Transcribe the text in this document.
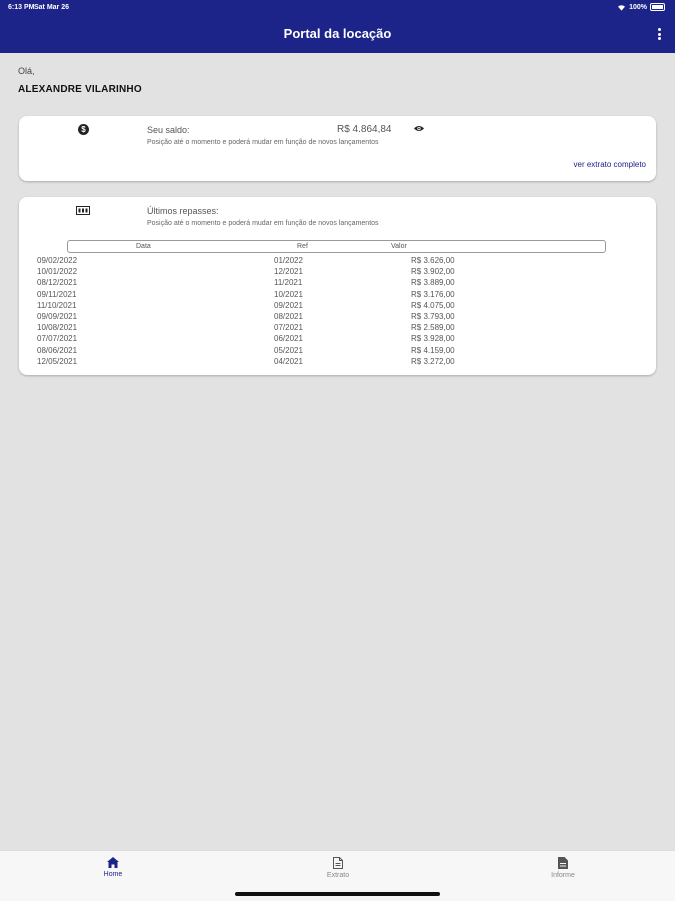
6:13 PM Sat Mar 26	100%
Portal da locação
Olá,
ALEXANDRE VILARINHO
$	Seu saldo:	R$ 4.864,84
Posição até o momento e poderá mudar em função de novos lançamentos
ver extrato completo
Últimos repasses:
Posição até o momento e poderá mudar em função de novos lançamentos
Data	Ref	Valor
09/02/2022	01/2022	R$ 3.626,00
10/01/2022	12/2021	R$ 3.902,00
08/12/2021	11/2021	R$ 3.889,00
09/11/2021	10/2021	R$ 3.176,00
11/10/2021	09/2021	R$ 4.075,00
09/09/2021	08/2021	R$ 3.793,00
10/08/2021	07/2021	R$ 2.589,00
07/07/2021	06/2021	R$ 3.928,00
08/06/2021	05/2021	R$ 4.159,00
12/05/2021	04/2021	R$ 3.272,00
Home	Extrato	Informe
